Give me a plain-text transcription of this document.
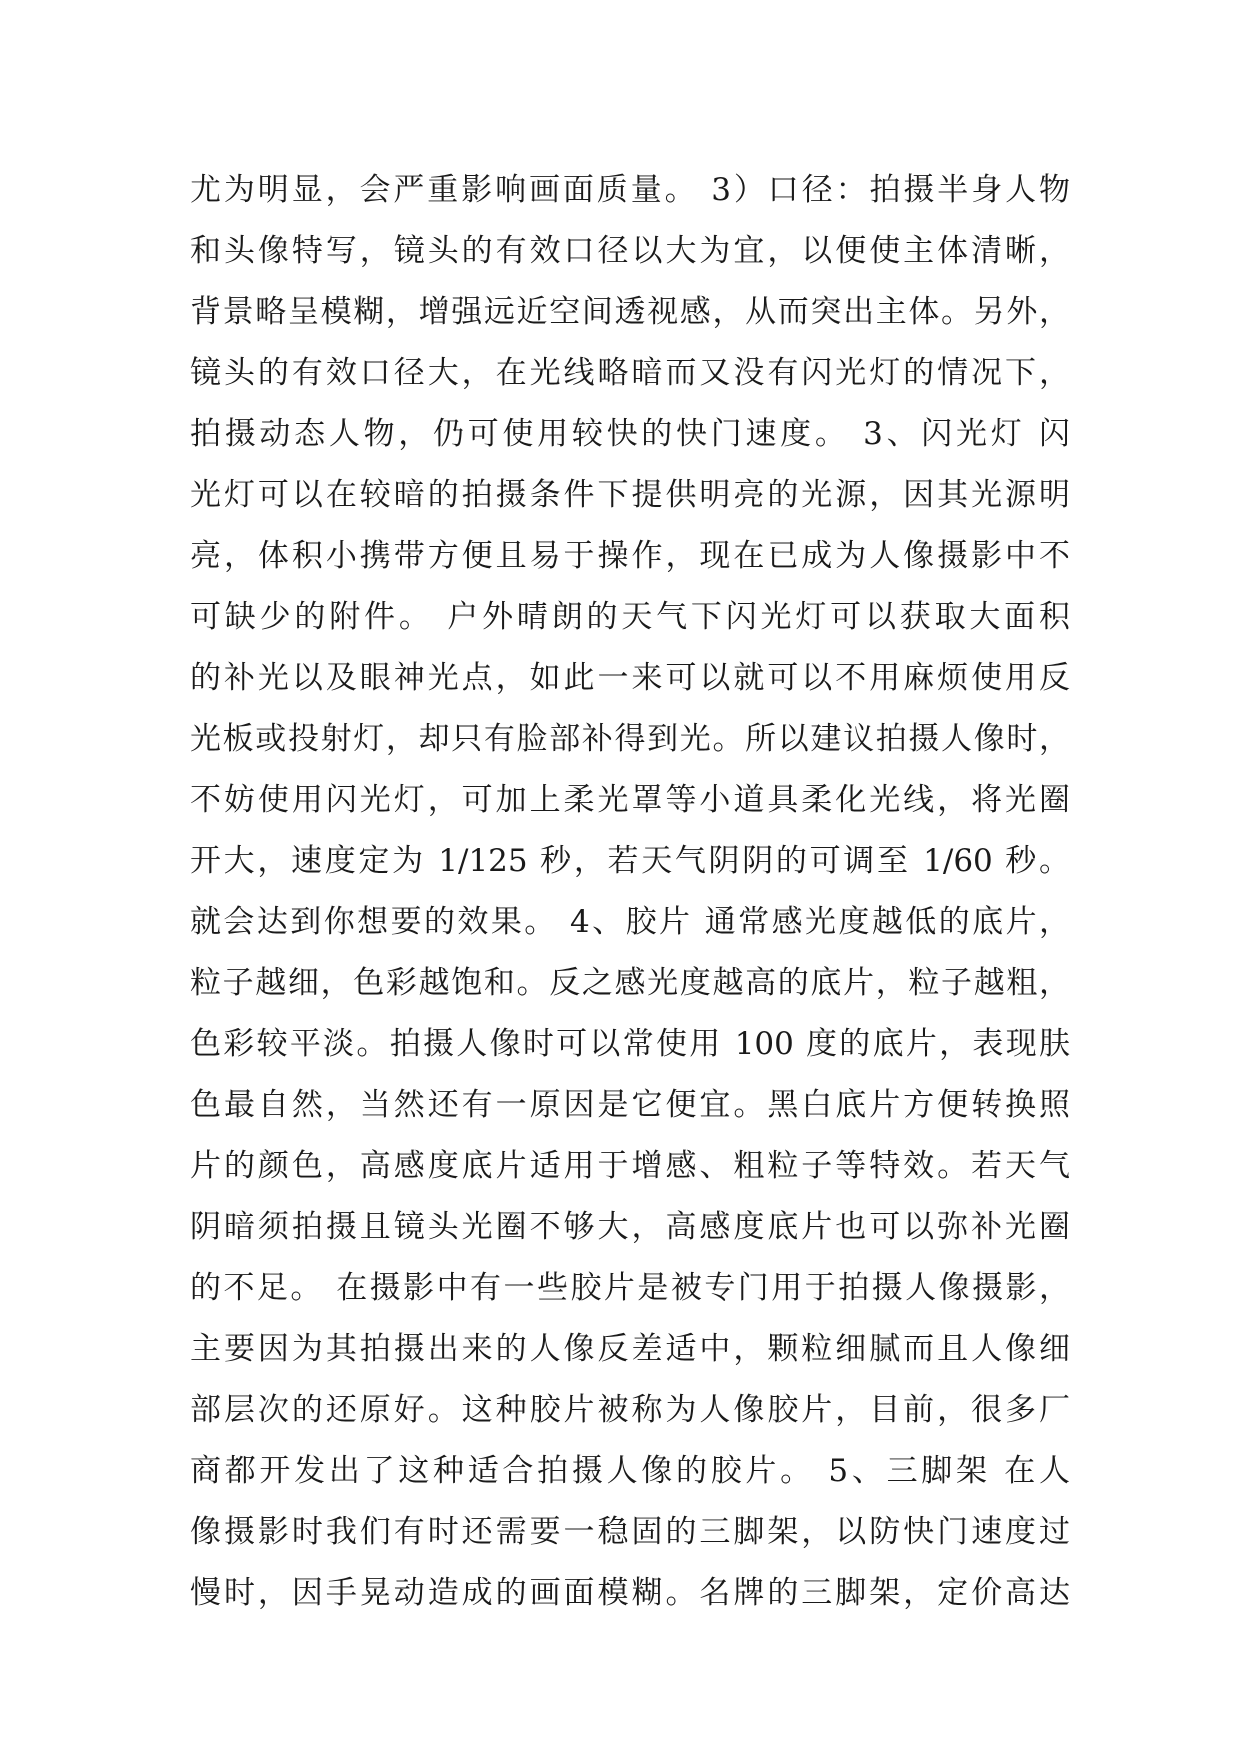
尤为明显，会严重影响画面质量。 3）口径：拍摄半身人物
和头像特写，镜头的有效口径以大为宜，以便使主体清晰，
背景略呈模糊，增强远近空间透视感，从而突出主体。另外，
镜头的有效口径大，在光线略暗而又没有闪光灯的情况下，
拍摄动态人物，仍可使用较快的快门速度。 3、闪光灯 闪
光灯可以在较暗的拍摄条件下提供明亮的光源，因其光源明
亮，体积小携带方便且易于操作，现在已成为人像摄影中不
可缺少的附件。 户外晴朗的天气下闪光灯可以获取大面积
的补光以及眼神光点，如此一来可以就可以不用麻烦使用反
光板或投射灯，却只有脸部补得到光。所以建议拍摄人像时，
不妨使用闪光灯，可加上柔光罩等小道具柔化光线，将光圈
开大，速度定为 1/125 秒，若天气阴阴的可调至 1/60 秒。
就会达到你想要的效果。 4、胶片 通常感光度越低的底片，
粒子越细，色彩越饱和。反之感光度越高的底片，粒子越粗，
色彩较平淡。拍摄人像时可以常使用 100 度的底片，表现肤
色最自然，当然还有一原因是它便宜。黑白底片方便转换照
片的颜色，高感度底片适用于增感、粗粒子等特效。若天气
阴暗须拍摄且镜头光圈不够大，高感度底片也可以弥补光圈
的不足。 在摄影中有一些胶片是被专门用于拍摄人像摄影，
主要因为其拍摄出来的人像反差适中，颗粒细腻而且人像细
部层次的还原好。这种胶片被称为人像胶片，目前，很多厂
商都开发出了这种适合拍摄人像的胶片。 5、三脚架 在人
像摄影时我们有时还需要一稳固的三脚架，以防快门速度过
慢时，因手晃动造成的画面模糊。名牌的三脚架，定价高达
